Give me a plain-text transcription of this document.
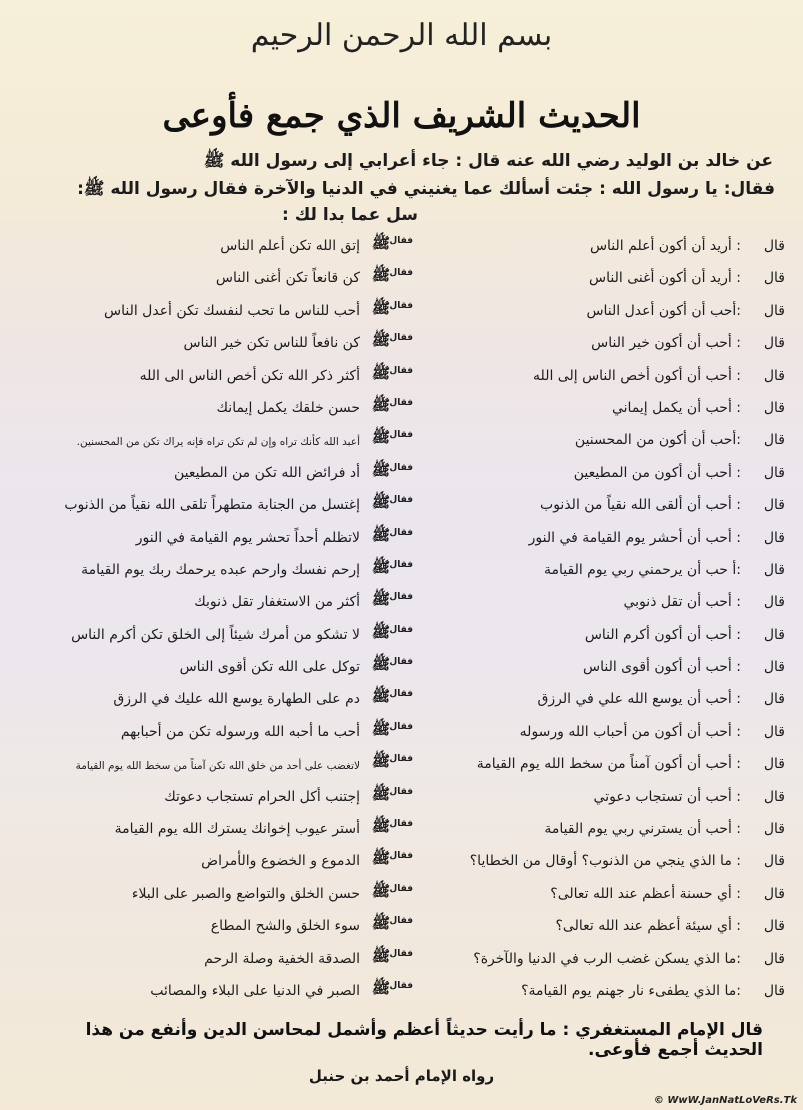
بسم الله الرحمن الرحيم
الحديث الشريف الذي جمع فأوعى
عن خالد بن الوليد رضي الله عنه قال : جاء أعرابي إلى رسول الله ﷺ
فقال: يا رسول الله : جئت أسألك عما يغنيني في الدنيا والآخرة فقال رسول الله ﷺ:
سل عما بدا لك :
قال
: أريد أن أكون أعلم الناس
فقال:
ﷺ
إتق الله تكن أعلم الناس
قال
: أريد أن أكون أغنى الناس
فقال:
ﷺ
كن قانعاً تكن أغنى الناس
قال
:أحب أن أكون أعدل الناس
فقال:
ﷺ
أحب للناس ما تحب لنفسك تكن أعدل الناس
قال
: أحب أن أكون خير الناس
فقال:
ﷺ
كن نافعاً للناس تكن خير الناس
قال
: أحب أن أكون أخص الناس إلى الله
فقال:
ﷺ
أكثر ذكر الله تكن أخص الناس الى الله
قال
: أحب أن يكمل إيماني
فقال:
ﷺ
حسن خلقك يكمل إيمانك
قال
:أحب أن أكون من المحسنين
فقال:
ﷺ
أعبد الله كأنك تراه وإن لم تكن تراه فإنه يراك تكن من المحسنين.
قال
: أحب أن أكون من المطيعين
فقال:
ﷺ
أد فرائض الله تكن من المطيعين
قال
: أحب أن ألقى الله نقياً من الذنوب
فقال:
ﷺ
إغتسل من الجنابة متطهراً تلقى الله نقياً من الذنوب
قال
: أحب أن أحشر يوم القيامة في النور
فقال:
ﷺ
لاتظلم أحداً تحشر يوم القيامة في النور
قال
:أ حب أن يرحمني ربي يوم القيامة
فقال:
ﷺ
إرحم نفسك وارحم عبده يرحمك ربك يوم القيامة
قال
: أحب أن تقل ذنوبي
فقال:
ﷺ
أكثر من الاستغفار تقل ذنوبك
قال
: أحب أن أكون أكرم الناس
فقال:
ﷺ
لا تشكو من أمرك شيئاً إلى الخلق تكن أكرم الناس
قال
: أحب أن أكون أقوى الناس
فقال:
ﷺ
توكل على الله تكن أقوى الناس
قال
: أحب أن يوسع الله علي في الرزق
فقال:
ﷺ
دم على الطهارة يوسع الله عليك في الرزق
قال
: أحب أن أكون من أحباب الله ورسوله
فقال:
ﷺ
أحب ما أحبه الله ورسوله تكن من أحبابهم
قال
: أحب أن أكون آمناً من سخط الله يوم القيامة
فقال:
ﷺ
لاتغضب على أحد من خلق الله تكن آمناً من سخط الله يوم القيامة
قال
: أحب أن تستجاب دعوتي
فقال:
ﷺ
إجتنب أكل الحرام تستجاب دعوتك
قال
: أحب أن يسترني ربي يوم القيامة
فقال:
ﷺ
أستر عيوب إخوانك يسترك الله يوم القيامة
قال
: ما الذي ينجي من الذنوب؟ أوقال من الخطايا؟
فقال:
ﷺ
الدموع و الخضوع والأمراض
قال
: أي حسنة أعظم عند الله تعالى؟
فقال:
ﷺ
حسن الخلق والتواضع والصبر على البلاء
قال
: أي سيئة أعظم عند الله تعالى؟
فقال:
ﷺ
سوء الخلق والشح المطاع
قال
:ما الذي يسكن غضب الرب في الدنيا والآخرة؟
فقال:
ﷺ
الصدقة الخفية وصلة الرحم
قال
:ما الذي يطفىء نار جهنم يوم القيامة؟
فقال:
ﷺ
الصبر في الدنيا على البلاء والمصائب
قال الإمام المستغفري : ما رأيت حديثاً أعظم وأشمل لمحاسن الدين وأنفع من هذا الحديث أجمع فأوعى.
رواه الإمام أحمد بن حنبل
© WwW.JanNatLoVeRs.Tk
